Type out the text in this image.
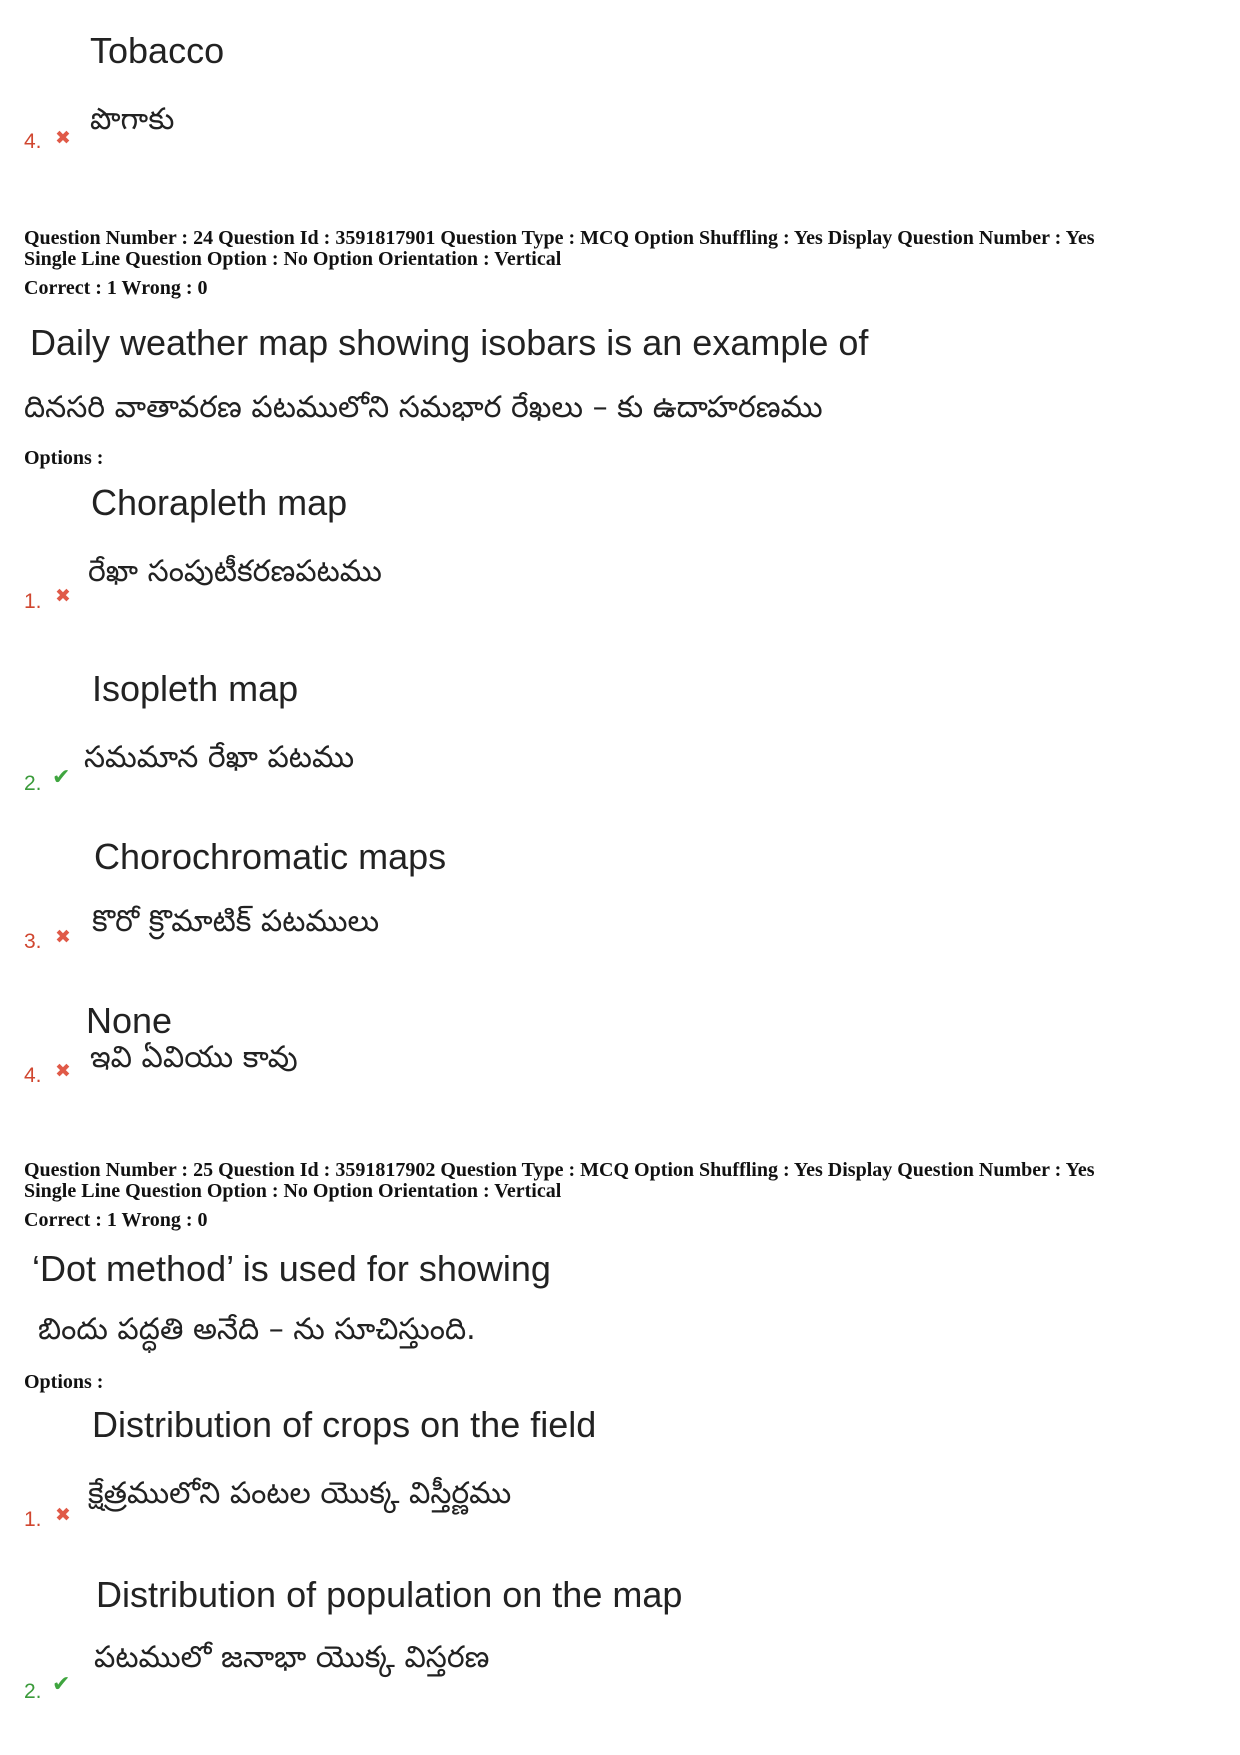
Tobacco
పొగాకు
4. ✖
Question Number : 24 Question Id : 3591817901 Question Type : MCQ Option Shuffling : Yes Display Question Number : Yes
Single Line Question Option : No Option Orientation : Vertical
Correct : 1 Wrong : 0
Daily weather map showing isobars is an example of
దినసరి వాతావరణ పటములోని సమభార రేఖలు – కు ఉదాహరణము
Options :
Chorapleth map
రేఖా సంపుటీకరణపటము
1. ✖
Isopleth map
సమమాన రేఖా పటము
2. ✔
Chorochromatic maps
కొరో క్రొమాటిక్ పటములు
3. ✖
None
ఇవి ఏవియు కావు
4. ✖
Question Number : 25 Question Id : 3591817902 Question Type : MCQ Option Shuffling : Yes Display Question Number : Yes
Single Line Question Option : No Option Orientation : Vertical
Correct : 1 Wrong : 0
‘Dot method’ is used for showing
బిందు పద్ధతి అనేది – ను సూచిస్తుంది.
Options :
Distribution of crops on the field
క్షేత్రములోని పంటల యొక్క విస్తీర్ణము
1. ✖
Distribution of population on the map
పటములో జనాభా యొక్క విస్తరణ
2. ✔
